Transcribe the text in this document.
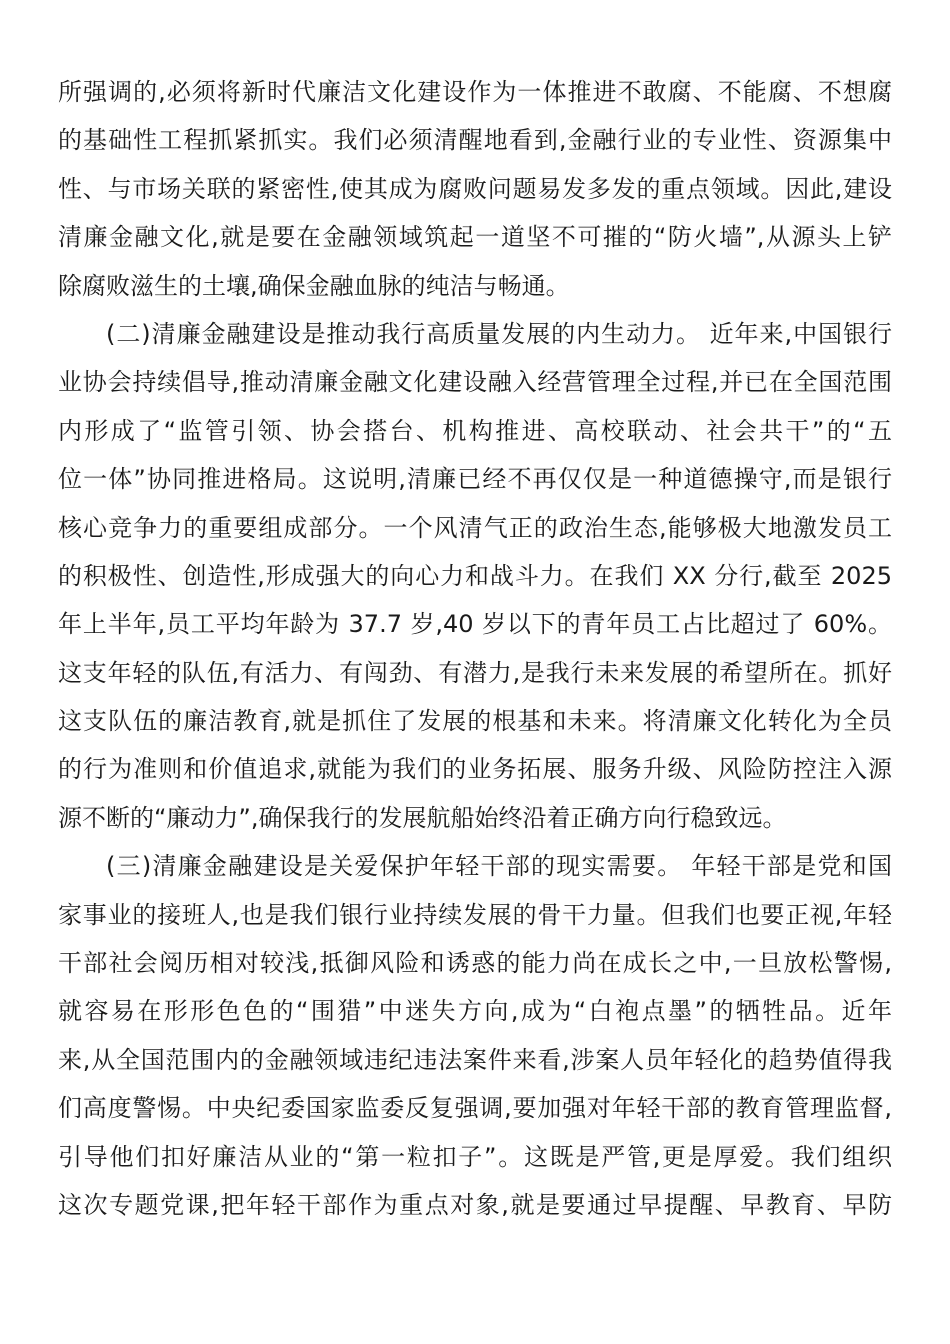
所强调的,必须将新时代廉洁文化建设作为一体推进不敢腐、不能腐、不想腐
的基础性工程抓紧抓实。我们必须清醒地看到,金融行业的专业性、资源集中
性、与市场关联的紧密性,使其成为腐败问题易发多发的重点领域。因此,建设
清廉金融文化,就是要在金融领域筑起一道坚不可摧的“防火墙”,从源头上铲
除腐败滋生的土壤,确保金融血脉的纯洁与畅通。
(二)清廉金融建设是推动我行高质量发展的内生动力。 近年来,中国银行
业协会持续倡导,推动清廉金融文化建设融入经营管理全过程,并已在全国范围
内形成了“监管引领、协会搭台、机构推进、高校联动、社会共干”的“五
位一体”协同推进格局。这说明,清廉已经不再仅仅是一种道德操守,而是银行
核心竞争力的重要组成部分。一个风清气正的政治生态,能够极大地激发员工
的积极性、创造性,形成强大的向心力和战斗力。在我们 XX 分行,截至 2025
年上半年,员工平均年龄为 37.7 岁,40 岁以下的青年员工占比超过了 60%。
这支年轻的队伍,有活力、有闯劲、有潜力,是我行未来发展的希望所在。抓好
这支队伍的廉洁教育,就是抓住了发展的根基和未来。将清廉文化转化为全员
的行为准则和价值追求,就能为我们的业务拓展、服务升级、风险防控注入源
源不断的“廉动力”,确保我行的发展航船始终沿着正确方向行稳致远。
(三)清廉金融建设是关爱保护年轻干部的现实需要。 年轻干部是党和国
家事业的接班人,也是我们银行业持续发展的骨干力量。但我们也要正视,年轻
干部社会阅历相对较浅,抵御风险和诱惑的能力尚在成长之中,一旦放松警惕,
就容易在形形色色的“围猎”中迷失方向,成为“白袍点墨”的牺牲品。近年
来,从全国范围内的金融领域违纪违法案件来看,涉案人员年轻化的趋势值得我
们高度警惕。中央纪委国家监委反复强调,要加强对年轻干部的教育管理监督,
引导他们扣好廉洁从业的“第一粒扣子”。这既是严管,更是厚爱。我们组织
这次专题党课,把年轻干部作为重点对象,就是要通过早提醒、早教育、早防
